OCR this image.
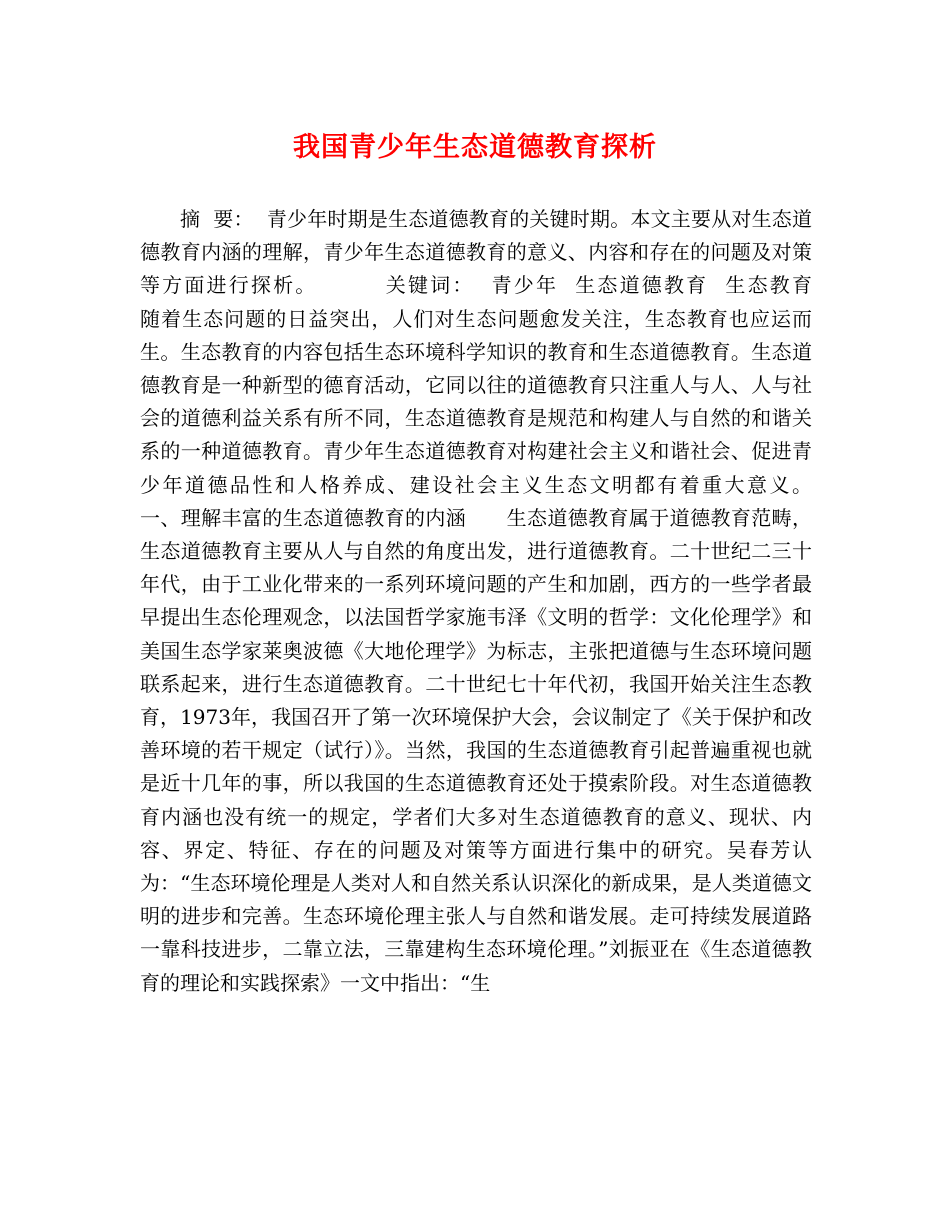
我国青少年生态道德教育探析
摘  要：  青少年时期是生态道德教育的关键时期。本文主要从对生态道德教育内涵的理解，青少年生态道德教育的意义、内容和存在的问题及对策等方面进行探析。        关键词：  青少年  生态道德教育  生态教育          随着生态问题的日益突出，人们对生态问题愈发关注，生态教育也应运而生。生态教育的内容包括生态环境科学知识的教育和生态道德教育。生态道德教育是一种新型的德育活动，它同以往的道德教育只注重人与人、人与社会的道德利益关系有所不同，生态道德教育是规范和构建人与自然的和谐关系的一种道德教育。青少年生态道德教育对构建社会主义和谐社会、促进青少年道德品性和人格养成、建设社会主义生态文明都有着重大意义。        一、理解丰富的生态道德教育的内涵      生态道德教育属于道德教育范畴，生态道德教育主要从人与自然的角度出发，进行道德教育。二十世纪二三十年代，由于工业化带来的一系列环境问题的产生和加剧，西方的一些学者最早提出生态伦理观念，以法国哲学家施韦泽《文明的哲学：文化伦理学》和美国生态学家莱奥波德《大地伦理学》为标志，主张把道德与生态环境问题联系起来，进行生态道德教育。二十世纪七十年代初，我国开始关注生态教育，1973年，我国召开了第一次环境保护大会，会议制定了《关于保护和改善环境的若干规定（试行）》。当然，我国的生态道德教育引起普遍重视也就是近十几年的事，所以我国的生态道德教育还处于摸索阶段。对生态道德教育内涵也没有统一的规定，学者们大多对生态道德教育的意义、现状、内容、界定、特征、存在的问题及对策等方面进行集中的研究。吴春芳认为：“生态环境伦理是人类对人和自然关系认识深化的新成果，是人类道德文明的进步和完善。生态环境伦理主张人与自然和谐发展。走可持续发展道路一靠科技进步，二靠立法，三靠建构生态环境伦理。”刘振亚在《生态道德教育的理论和实践探索》一文中指出：“生
